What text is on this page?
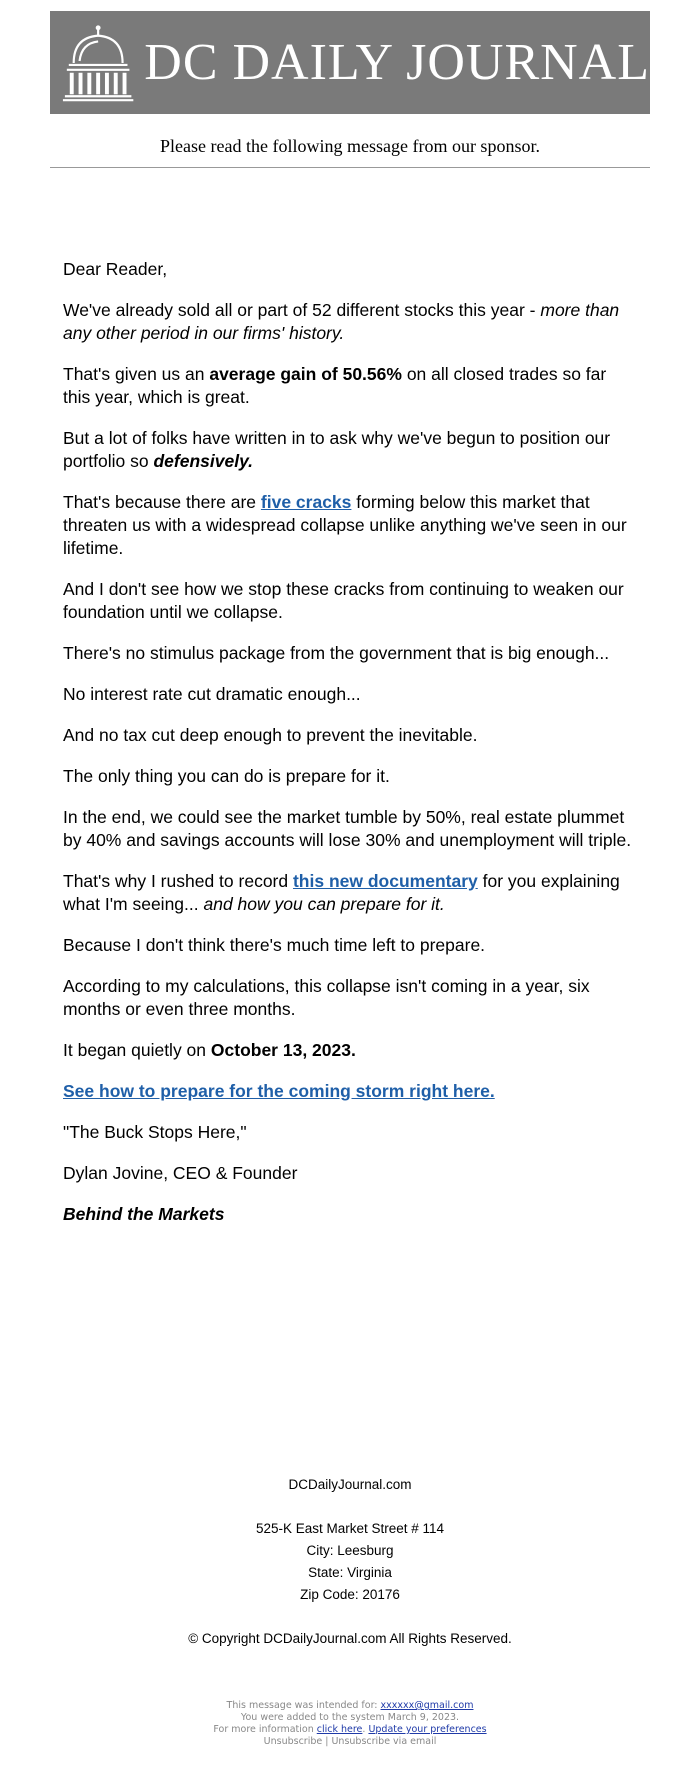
DC DAILY JOURNAL
Please read the following message from our sponsor.

Dear Reader,

We've already sold all or part of 52 different stocks this year - more than any other period in our firms' history.

That's given us an average gain of 50.56% on all closed trades so far this year, which is great.

But a lot of folks have written in to ask why we've begun to position our portfolio so defensively.

That's because there are five cracks forming below this market that threaten us with a widespread collapse unlike anything we've seen in our lifetime.

And I don't see how we stop these cracks from continuing to weaken our foundation until we collapse.

There's no stimulus package from the government that is big enough...

No interest rate cut dramatic enough...

And no tax cut deep enough to prevent the inevitable.

The only thing you can do is prepare for it.

In the end, we could see the market tumble by 50%, real estate plummet by 40% and savings accounts will lose 30% and unemployment will triple.

That's why I rushed to record this new documentary for you explaining what I'm seeing... and how you can prepare for it.

Because I don't think there's much time left to prepare.

According to my calculations, this collapse isn't coming in a year, six months or even three months.

It began quietly on October 13, 2023.

See how to prepare for the coming storm right here.

"The Buck Stops Here,"

Dylan Jovine, CEO & Founder

Behind the Markets

DCDailyJournal.com
525-K East Market Street # 114
City: Leesburg
State: Virginia
Zip Code: 20176
© Copyright DCDailyJournal.com All Rights Reserved.
This message was intended for: xxxxxx@gmail.com
You were added to the system March 9, 2023.
For more information click here. Update your preferences
Unsubscribe | Unsubscribe via email
